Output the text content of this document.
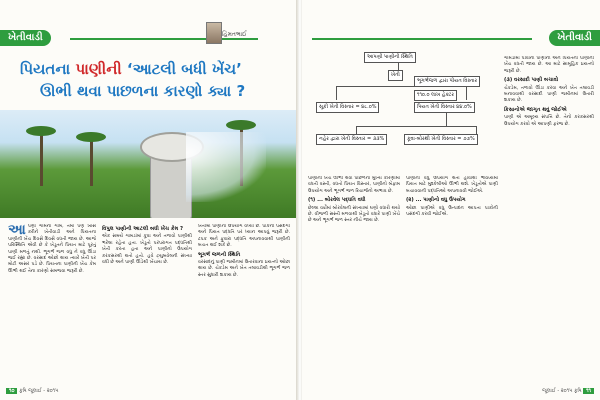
ખેતીવાડી	હિંમતભાઈ
પિયતના પાણીની ‘આટલી બધી ખેંચ’
ઊભી થવા પાછળના કારણો ક્યા ?
આપણા ગામના ગામ, તેમાં પણ ખાસ કરીને ખેતીવાડી અને પિયતના પાણીની ખેંચ દિવસે દિવસે વધતી જાય છે. આજે પરિસ્થિતિ એવી છે કે ખેડૂતને પિયત માટે પૂરતું પાણી મળતું નથી. ભૂગર્ભ જળ વધુ ને વધુ ઊંડા જઈ રહ્યા છે. વરસાદ ઓછો થાય ત્યારે ખેતી પર મોટી અસર પડે છે. પિયતના પાણીની ખેંચ કેમ ઊભી થઈ તેના કારણો સમજવા જરૂરી છે.
વિપુલ પાણીની આટલી બધી ખેંચ કેમ ?
એક સમયે ગામડાંમાં કૂવા અને તળાવો પાણીથી ભરેલા રહેતા હતા. ખેડૂતો પરંપરાગત પદ્ધતિથી ખેતી કરતા હતા અને પાણીનો ઉપયોગ કરકસરથી થતો હતો. હવે ટ્યુબવેલની સંખ્યા વધી છે અને પાણી ઊંડેથી ખેંચાય છે.
ખેતીમાં પાણીનો ઉપયોગ વધ્યો છે. પાકની પસંદગી અને પિયત પદ્ધતિ પર ધ્યાન આપવું જરૂરી છે. ટપક અને ફુવારા પદ્ધતિ અપનાવવાથી પાણીની બચત થઈ શકે છે.
ભૂગર્ભ જળની સ્થિતિ
વરસાદનું પાણી જમીનમાં ઉતારવાના પ્રયત્નો ઓછા થાય છે. ચેકડેમ અને ખેત તલાવડીથી ભૂગર્ભ જળ સ્તર સુધારી શકાય છે.
૧૦ કૃષિ જૂલાઈ - ૨૦૧૫
ખેતીવાડી
આપણી પાણીની સ્થિતિ
ખેતી
ભૂગર્ભજળ દ્વારા પીયત વિસ્તાર
૧૧૦.૦ લાખ હેક્ટર
સૂકી ખેતી વિસ્તાર = ૪૮.૦%	પિયત ખેતી વિસ્તાર ૪૪.૦%
નહેર દ્વારા ખેતી વિસ્તાર = ૩૩%	કૂવા-બોરથી ખેતી વિસ્તાર = ૭૭%
પાણીની ખેંચ ઊભી થવા પાછળના મુખ્ય કારણોમાં વધતી વસ્તી, વધતો પિયત વિસ્તાર, પાણીનો બેફામ ઉપયોગ અને ભૂગર્ભ જળ રિચાર્જનો અભાવ છે.
(૧) ... બોરવેલ પદ્ધતિ વધી
છેલ્લા વર્ષોમાં બોરવેલની સંખ્યામાં ઘણો વધારો થયો છે. વીજળી સસ્તી મળવાથી ખેડૂતો વધારે પાણી ખેંચે છે અને ભૂગર્ભ જળ સ્તર નીચે જાય છે.
પાણીનો વધુ ઉપયોગ થતો હોવાથી ભવિષ્યમાં પિયત માટે મુશ્કેલીઓ ઊભી થશે. ખેડૂતોએ પાણી બચાવવાની પદ્ધતિઓ અપનાવવી જોઈએ.
(૨) ... પાણીનો વધુ ઉપયોગ
ઓછા પાણીએ વધુ ઉત્પાદન આપતા પાકોની પસંદગી કરવી જોઈએ.
ગામડાંમાં પીવાના પાણીની અને પિયતના પાણીની ખેંચ વધતી જાય છે. આ માટે સામૂહિક પ્રયત્નો જરૂરી છે.
(૩) વરસાદી પાણી બચાવો
ચેકડેમ, તળાવો ઊંડા કરવા અને ખેત તલાવડી બનાવવાથી વરસાદી પાણી જમીનમાં ઉતારી શકાય છે.
કિસાનોએ જાગૃત થવું જોઈએ
પાણી એ અમૂલ્ય સંપત્તિ છે. તેનો કરકસરથી ઉપયોગ કરવો એ આપણી ફરજ છે.
જૂલાઈ - ૨૦૧૫ કૃષિ ૧૧
